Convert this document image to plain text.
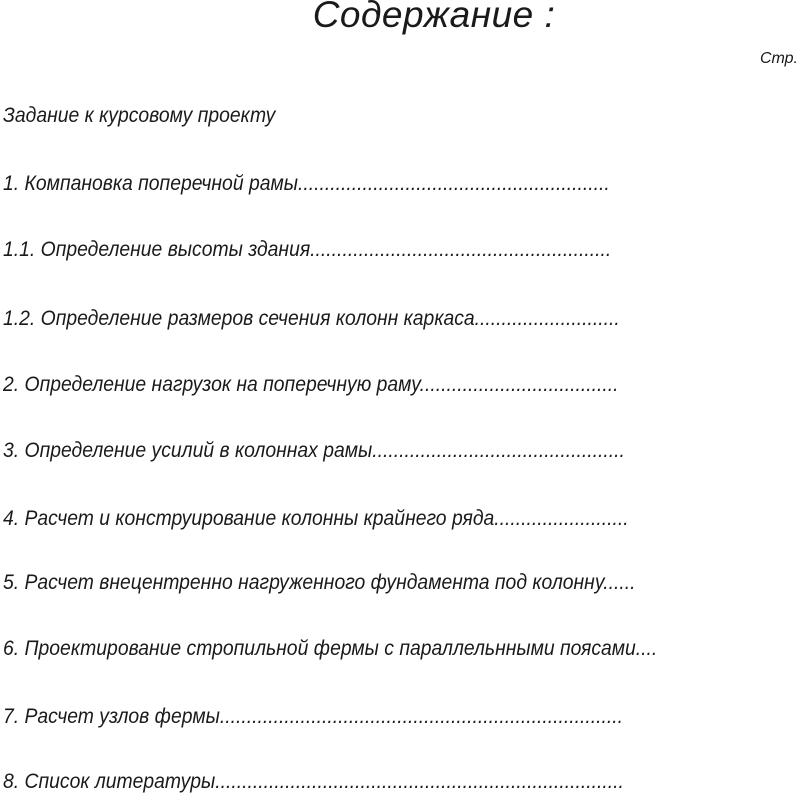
Содержание :
Стр.
Задание к курсовому проекту
1. Компановка поперечной рамы..........................................................
1.1. Определение высоты здания........................................................
1.2. Определение размеров сечения колонн каркаса...........................
2. Определение нагрузок на поперечную раму.....................................
3. Определение усилий в колоннах рамы...............................................
4. Расчет и конструирование колонны крайнего ряда.........................
5. Расчет внецентренно нагруженного фундамента под колонну......
6. Проектирование стропильной фермы с параллельнными поясами....
7. Расчет узлов фермы...........................................................................
8. Список литературы............................................................................
